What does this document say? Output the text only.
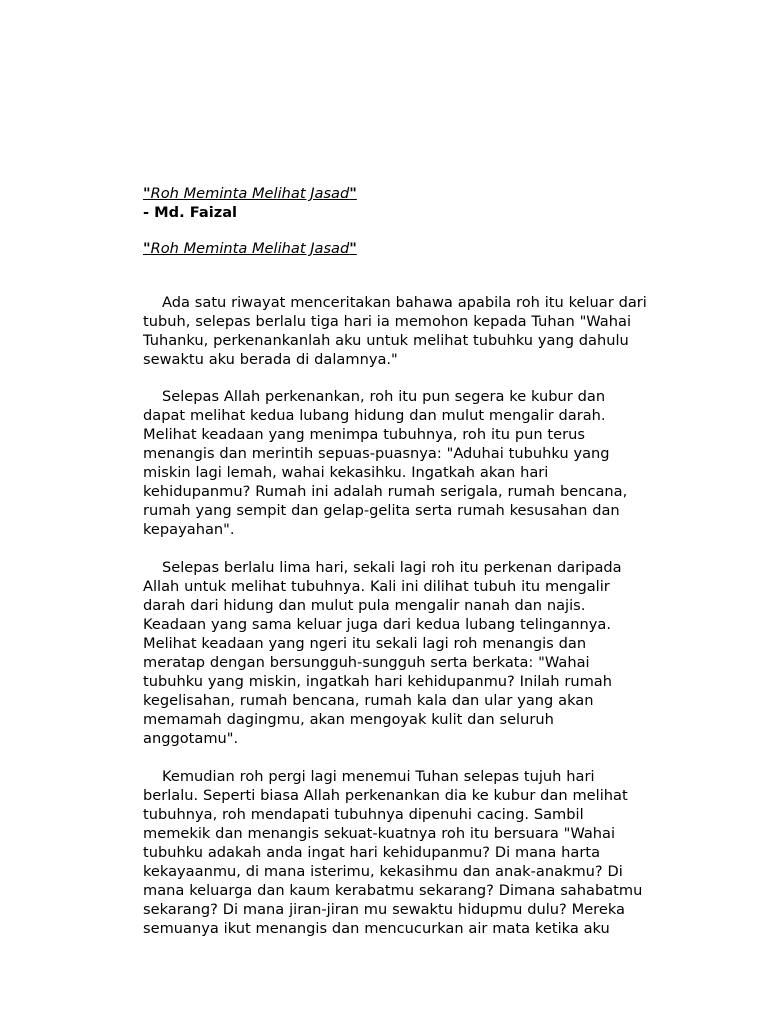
"Roh Meminta Melihat Jasad"
- Md. Faizal
"Roh Meminta Melihat Jasad"
Ada satu riwayat menceritakan bahawa apabila roh itu keluar dari
tubuh, selepas berlalu tiga hari ia memohon kepada Tuhan "Wahai
Tuhanku, perkenankanlah aku untuk melihat tubuhku yang dahulu
sewaktu aku berada di dalamnya."
Selepas Allah perkenankan, roh itu pun segera ke kubur dan
dapat melihat kedua lubang hidung dan mulut mengalir darah.
Melihat keadaan yang menimpa tubuhnya, roh itu pun terus
menangis dan merintih sepuas-puasnya: "Aduhai tubuhku yang
miskin lagi lemah, wahai kekasihku. Ingatkah akan hari
kehidupanmu? Rumah ini adalah rumah serigala, rumah bencana,
rumah yang sempit dan gelap-gelita serta rumah kesusahan dan
kepayahan".
Selepas berlalu lima hari, sekali lagi roh itu perkenan daripada
Allah untuk melihat tubuhnya. Kali ini dilihat tubuh itu mengalir
darah dari hidung dan mulut pula mengalir nanah dan najis.
Keadaan yang sama keluar juga dari kedua lubang telingannya.
Melihat keadaan yang ngeri itu sekali lagi roh menangis dan
meratap dengan bersungguh-sungguh serta berkata: "Wahai
tubuhku yang miskin, ingatkah hari kehidupanmu? Inilah rumah
kegelisahan, rumah bencana, rumah kala dan ular yang akan
memamah dagingmu, akan mengoyak kulit dan seluruh
anggotamu".
Kemudian roh pergi lagi menemui Tuhan selepas tujuh hari
berlalu. Seperti biasa Allah perkenankan dia ke kubur dan melihat
tubuhnya, roh mendapati tubuhnya dipenuhi cacing. Sambil
memekik dan menangis sekuat-kuatnya roh itu bersuara "Wahai
tubuhku adakah anda ingat hari kehidupanmu? Di mana harta
kekayaanmu, di mana isterimu, kekasihmu dan anak-anakmu? Di
mana keluarga dan kaum kerabatmu sekarang? Dimana sahabatmu
sekarang? Di mana jiran-jiran mu sewaktu hidupmu dulu? Mereka
semuanya ikut menangis dan mencucurkan air mata ketika aku
